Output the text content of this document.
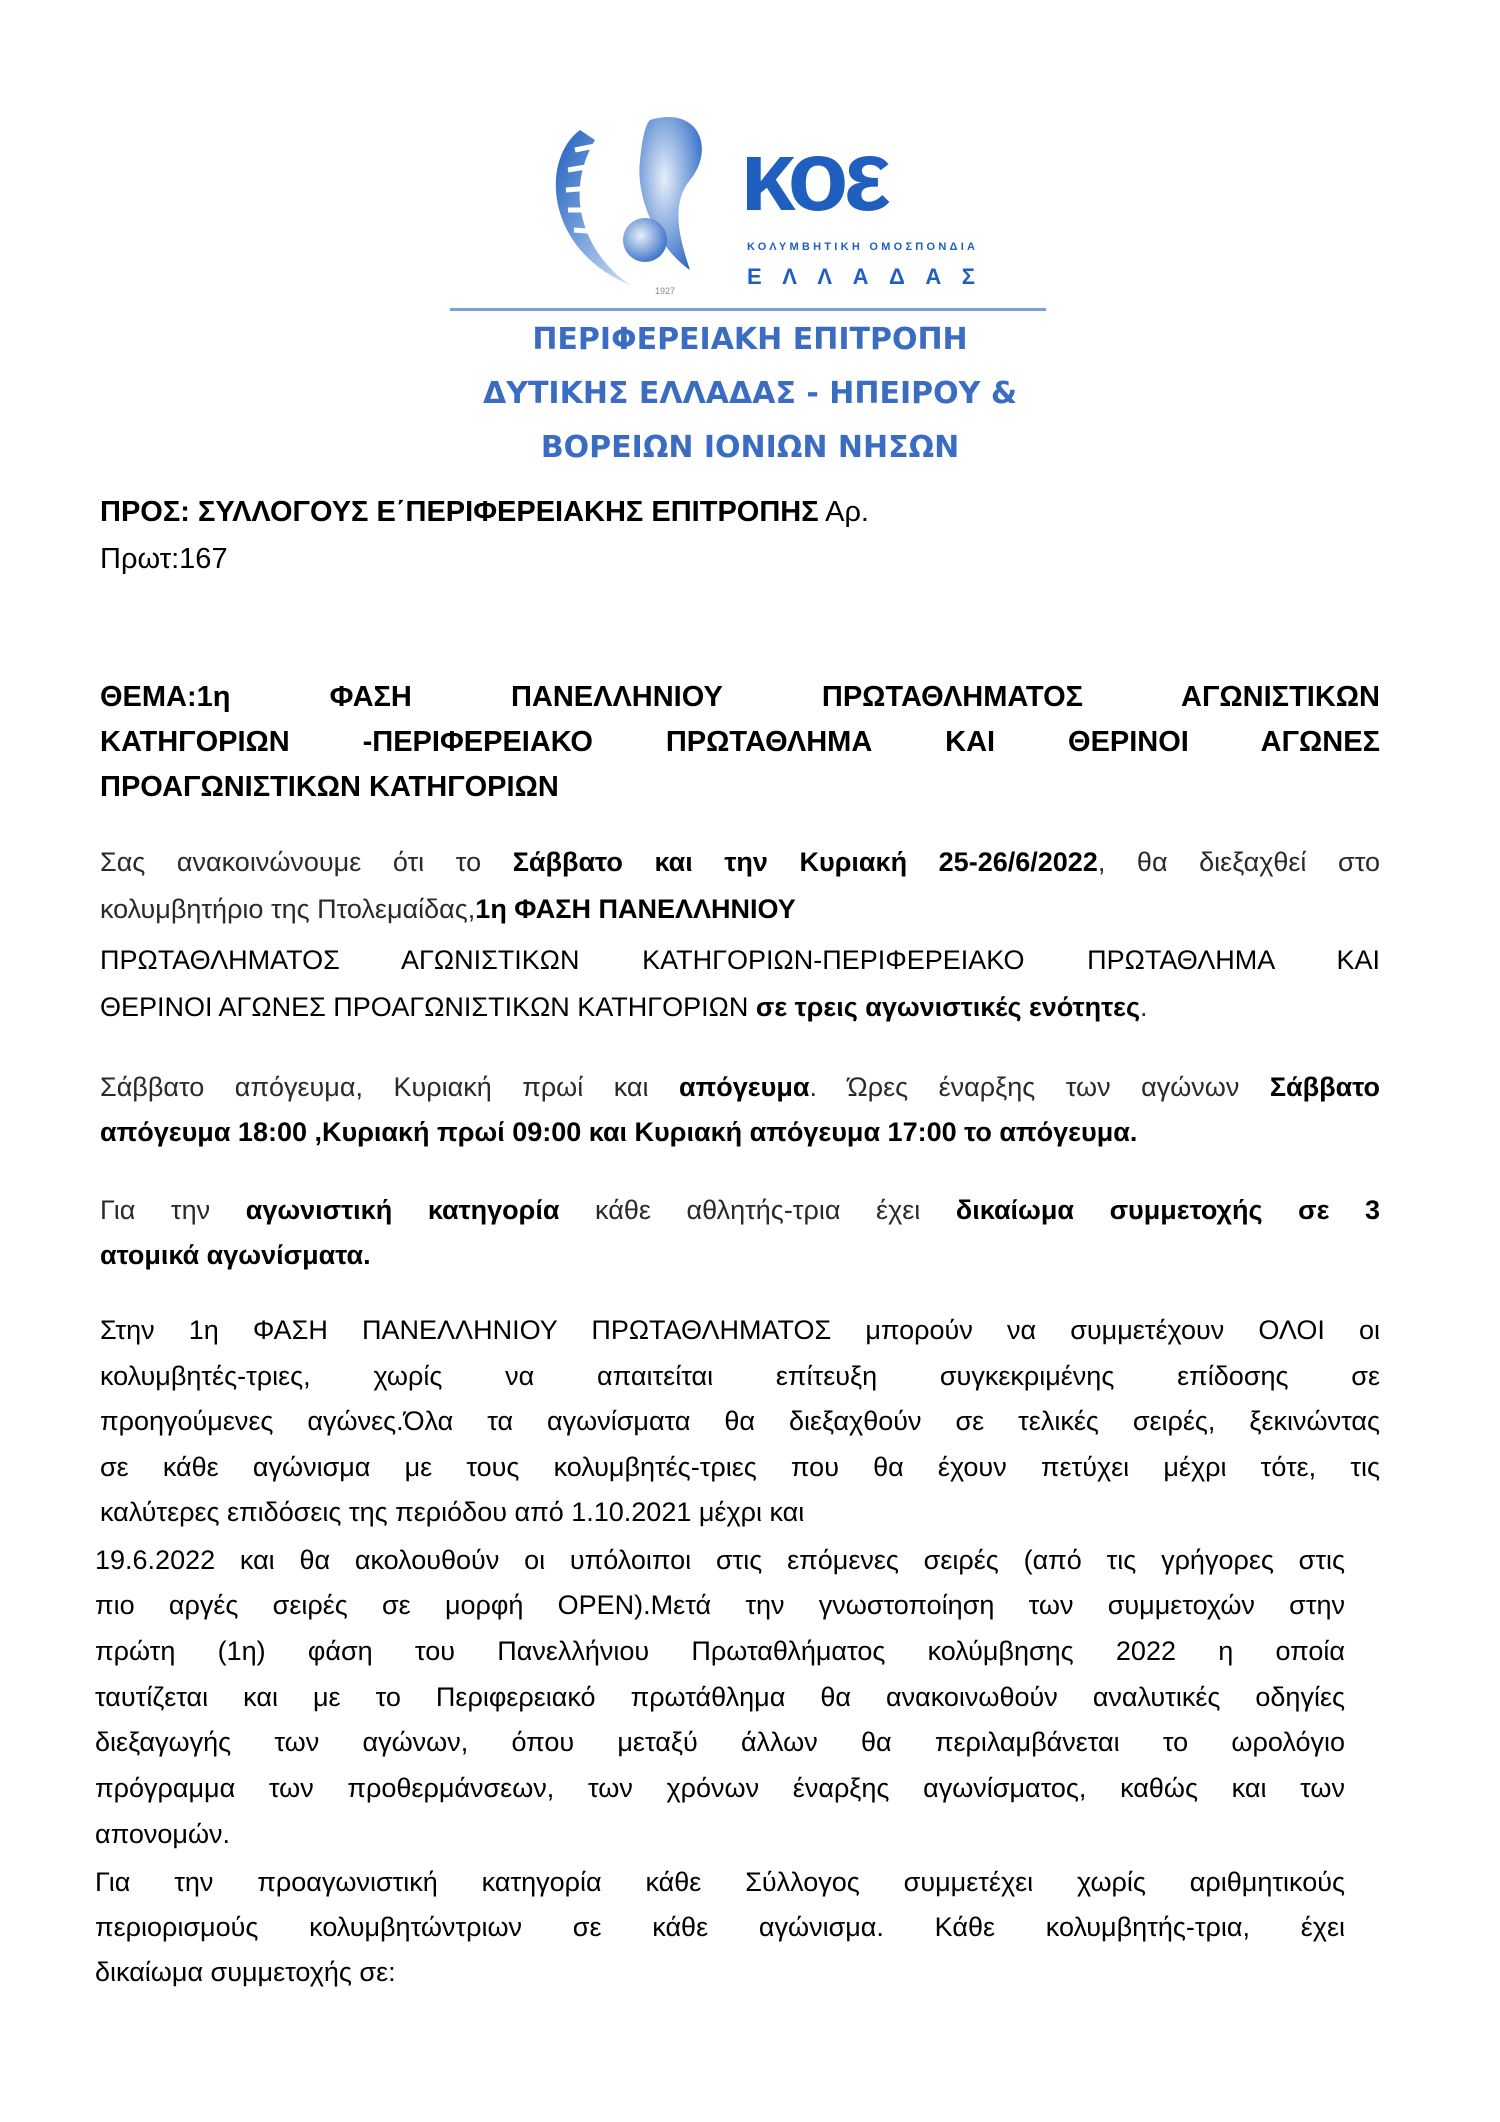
1927
κοε
ΚΟΛΥΜΒΗΤΙΚΗ ΟΜΟΣΠΟΝΔΙΑ
ΕΛΛΑΔΑΣ
ΠΕΡΙΦΕΡΕΙΑΚΗ ΕΠΙΤΡΟΠΗ
ΔΥΤΙΚΗΣ ΕΛΛΑΔΑΣ - ΗΠΕΙΡΟΥ &
ΒΟΡΕΙΩΝ ΙΟΝΙΩΝ ΝΗΣΩΝ
ΠΡΟΣ: ΣΥΛΛΟΓΟΥΣ Ε΄ΠΕΡΙΦΕΡΕΙΑΚΗΣ ΕΠΙΤΡΟΠΗΣ Αρ.
Πρωτ:167
ΘΕΜΑ:1η ΦΑΣΗ ΠΑΝΕΛΛΗΝΙΟΥ ΠΡΩΤΑΘΛΗΜΑΤΟΣ ΑΓΩΝΙΣΤΙΚΩΝ
ΚΑΤΗΓΟΡΙΩΝ -ΠΕΡΙΦΕΡΕΙΑΚΟ ΠΡΩΤΑΘΛΗΜΑ ΚΑΙ ΘΕΡΙΝΟΙ ΑΓΩΝΕΣ
ΠΡΟΑΓΩΝΙΣΤΙΚΩΝ ΚΑΤΗΓΟΡΙΩΝ
Σας ανακοινώνουμε ότι το Σάββατο και την Κυριακή 25-26/6/2022, θα διεξαχθεί στο
κολυμβητήριο της Πτολεμαίδας,1η ΦΑΣΗ ΠΑΝΕΛΛΗΝΙΟΥ
ΠΡΩΤΑΘΛΗΜΑΤΟΣ ΑΓΩΝΙΣΤΙΚΩΝ ΚΑΤΗΓΟΡΙΩΝ-ΠΕΡΙΦΕΡΕΙΑΚΟ ΠΡΩΤΑΘΛΗΜΑ ΚΑΙ
ΘΕΡΙΝΟΙ ΑΓΩΝΕΣ ΠΡΟΑΓΩΝΙΣΤΙΚΩΝ ΚΑΤΗΓΟΡΙΩΝ σε τρεις αγωνιστικές ενότητες.
Σάββατο απόγευμα, Κυριακή πρωί και απόγευμα. Ώρες έναρξης των αγώνων Σάββατο
απόγευμα 18:00 ,Κυριακή πρωί 09:00 και Κυριακή απόγευμα 17:00 το απόγευμα.
Για την αγωνιστική κατηγορία κάθε αθλητής-τρια έχει δικαίωμα συμμετοχής σε 3
ατομικά αγωνίσματα.
Στην 1η ΦΑΣΗ ΠΑΝΕΛΛΗΝΙΟΥ ΠΡΩΤΑΘΛΗΜΑΤΟΣ μπορούν να συμμετέχουν ΟΛΟΙ οι
κολυμβητές-τριες, χωρίς να απαιτείται επίτευξη συγκεκριμένης επίδοσης σε
προηγούμενες αγώνες.Όλα τα αγωνίσματα θα διεξαχθούν σε τελικές σειρές, ξεκινώντας
σε κάθε αγώνισμα με τους κολυμβητές-τριες που θα έχουν πετύχει μέχρι τότε, τις
καλύτερες επιδόσεις της περιόδου από 1.10.2021 μέχρι και
19.6.2022 και θα ακολουθούν οι υπόλοιποι στις επόμενες σειρές (από τις γρήγορες στις
πιο αργές σειρές σε μορφή OPEN).Μετά την γνωστοποίηση των συμμετοχών στην
πρώτη (1η) φάση του Πανελλήνιου Πρωταθλήματος κολύμβησης 2022 η οποία
ταυτίζεται και με το Περιφερειακό πρωτάθλημα θα ανακοινωθούν αναλυτικές οδηγίες
διεξαγωγής των αγώνων, όπου μεταξύ άλλων θα περιλαμβάνεται το ωρολόγιο
πρόγραμμα των προθερμάνσεων, των χρόνων έναρξης αγωνίσματος, καθώς και των
απονομών.
Για την προαγωνιστική κατηγορία κάθε Σύλλογος συμμετέχει χωρίς αριθμητικούς
περιορισμούς κολυμβητώντριων σε κάθε αγώνισμα. Κάθε κολυμβητής-τρια, έχει
δικαίωμα συμμετοχής σε:
